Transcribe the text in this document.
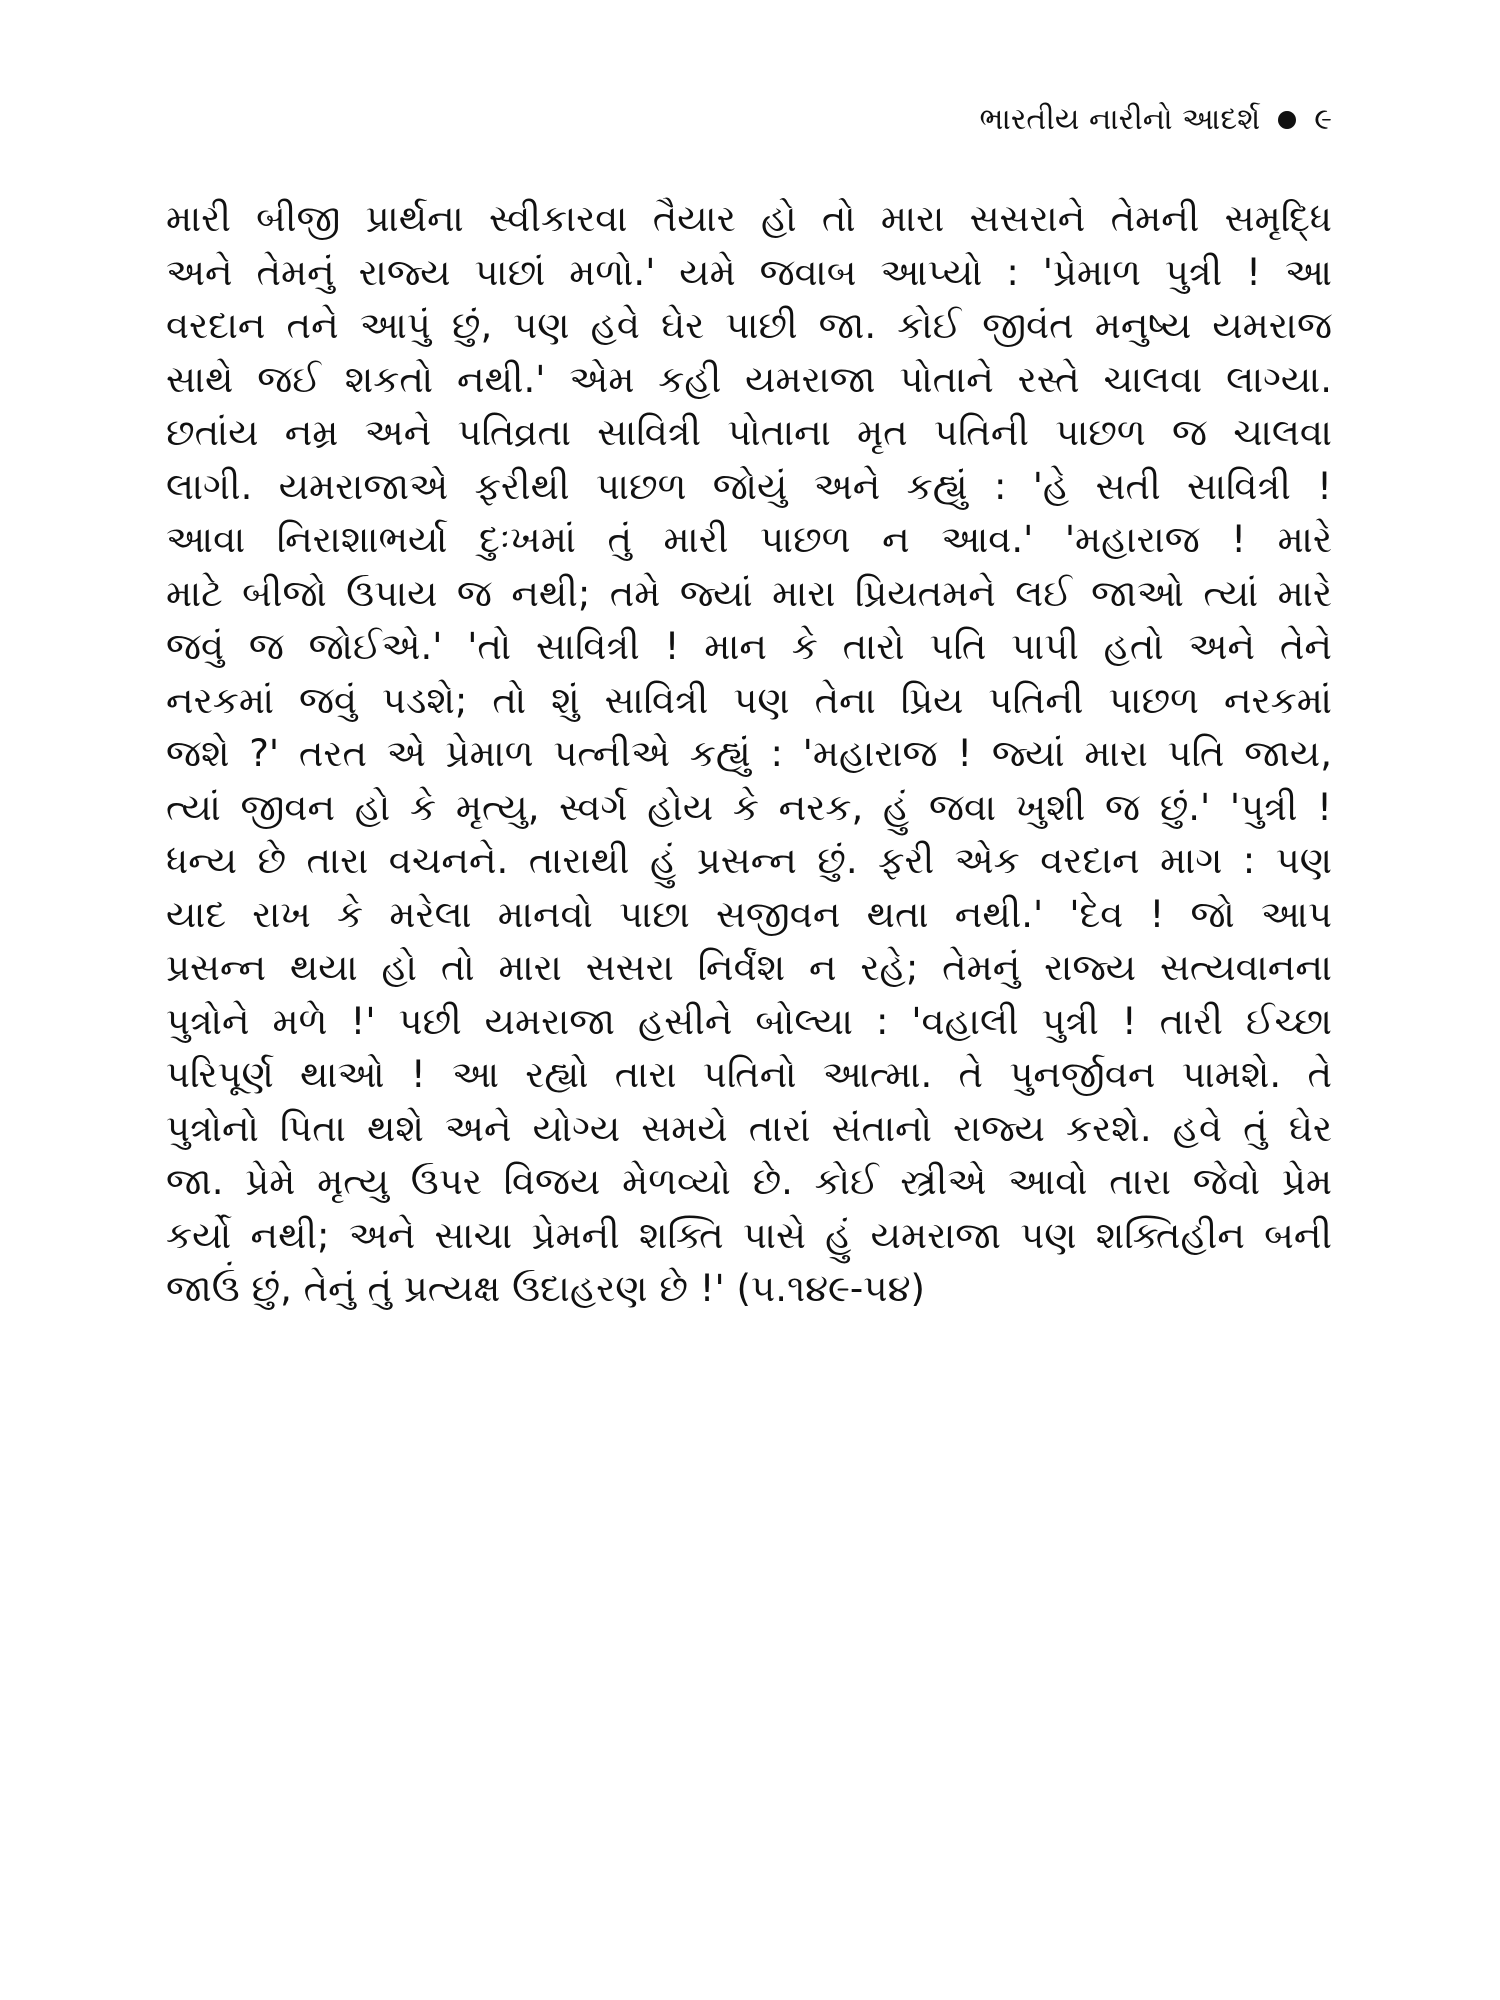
ભારતીય નારીનો આદર્શ ૯
મારી બીજી પ્રાર્થના સ્વીકારવા તૈયાર હો તો મારા સસરાને તેમની સમૃદ્ધિ
અને તેમનું રાજ્ય પાછાં મળો.' યમે જવાબ આપ્યો : 'પ્રેમાળ પુત્રી ! આ
વરદાન તને આપું છું, પણ હવે ઘેર પાછી જા. કોઈ જીવંત મનુષ્ય યમરાજ
સાથે જઈ શકતો નથી.' એમ કહી યમરાજા પોતાને રસ્તે ચાલવા લાગ્યા.
છતાંય નમ્ર અને પતિવ્રતા સાવિત્રી પોતાના મૃત પતિની પાછળ જ ચાલવા
લાગી. યમરાજાએ ફરીથી પાછળ જોયું અને કહ્યું : 'હે સતી સાવિત્રી !
આવા નિરાશાભર્યા દુઃખમાં તું મારી પાછળ ન આવ.' 'મહારાજ ! મારે
માટે બીજો ઉપાય જ નથી; તમે જ્યાં મારા પ્રિયતમને લઈ જાઓ ત્યાં મારે
જવું જ જોઈએ.' 'તો સાવિત્રી ! માન કે તારો પતિ પાપી હતો અને તેને
નરકમાં જવું પડશે; તો શું સાવિત્રી પણ તેના પ્રિય પતિની પાછળ નરકમાં
જશે ?' તરત એ પ્રેમાળ પત્નીએ કહ્યું : 'મહારાજ ! જ્યાં મારા પતિ જાય,
ત્યાં જીવન હો કે મૃત્યુ, સ્વર્ગ હોય કે નરક, હું જવા ખુશી જ છું.' 'પુત્રી !
ધન્ય છે તારા વચનને. તારાથી હું પ્રસન્ન છું. ફરી એક વરદાન માગ : પણ
યાદ રાખ કે મરેલા માનવો પાછા સજીવન થતા નથી.' 'દેવ ! જો આપ
પ્રસન્ન થયા હો તો મારા સસરા નિર્વંશ ન રહે; તેમનું રાજ્ય સત્યવાનના
પુત્રોને મળે !' પછી યમરાજા હસીને બોલ્યા : 'વહાલી પુત્રી ! તારી ઈચ્છા
પરિપૂર્ણ થાઓ ! આ રહ્યો તારા પતિનો આત્મા. તે પુનર્જીવન પામશે. તે
પુત્રોનો પિતા થશે અને યોગ્ય સમયે તારાં સંતાનો રાજ્ય કરશે. હવે તું ઘેર
જા. પ્રેમે મૃત્યુ ઉપર વિજય મેળવ્યો છે. કોઈ સ્ત્રીએ આવો તારા જેવો પ્રેમ
કર્યો નથી; અને સાચા પ્રેમની શક્તિ પાસે હું યમરાજા પણ શક્તિહીન બની
જાઉં છું, તેનું તું પ્રત્યક્ષ ઉદાહરણ છે !' (૫.૧૪૯-૫૪)
